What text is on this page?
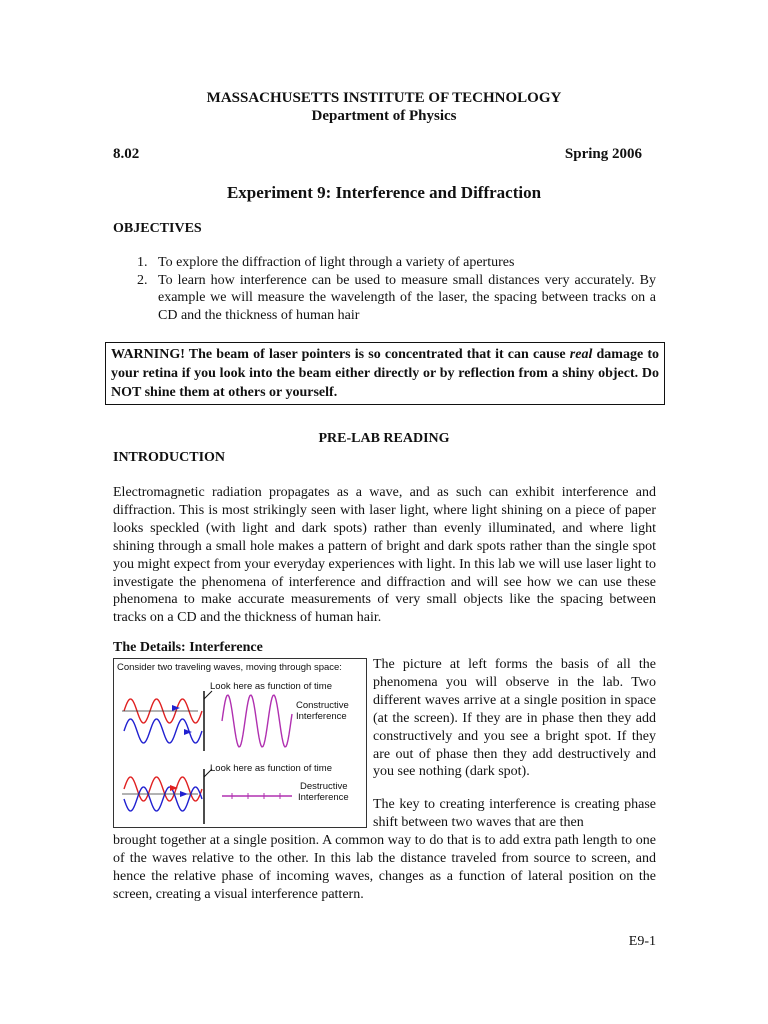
MASSACHUSETTS INSTITUTE OF TECHNOLOGY
Department of Physics
8.02	Spring 2006
Experiment 9: Interference and Diffraction
OBJECTIVES
1. To explore the diffraction of light through a variety of apertures
2. To learn how interference can be used to measure small distances very accurately. By example we will measure the wavelength of the laser, the spacing between tracks on a CD and the thickness of human hair
WARNING! The beam of laser pointers is so concentrated that it can cause real damage to your retina if you look into the beam either directly or by reflection from a shiny object. Do NOT shine them at others or yourself.
PRE-LAB READING
INTRODUCTION

Electromagnetic radiation propagates as a wave, and as such can exhibit interference and diffraction. This is most strikingly seen with laser light, where light shining on a piece of paper looks speckled (with light and dark spots) rather than evenly illuminated, and where light shining through a small hole makes a pattern of bright and dark spots rather than the single spot you might expect from your everyday experiences with light. In this lab we will use laser light to investigate the phenomena of interference and diffraction and will see how we can use these phenomena to make accurate measurements of very small objects like the spacing between tracks on a CD and the thickness of human hair.

The Details: Interference
Consider two traveling waves, moving through space:
Look here as function of time
Constructive
Interference
Look here as function of time
Destructive
Interference

The picture at left forms the basis of all the phenomena you will observe in the lab. Two different waves arrive at a single position in space (at the screen). If they are in phase then they add constructively and you see a bright spot. If they are out of phase then they add destructively and you see nothing (dark spot).

The key to creating interference is creating phase shift between two waves that are then

brought together at a single position. A common way to do that is to add extra path length to one of the waves relative to the other. In this lab the distance traveled from source to screen, and hence the relative phase of incoming waves, changes as a function of lateral position on the screen, creating a visual interference pattern.

E9-1
